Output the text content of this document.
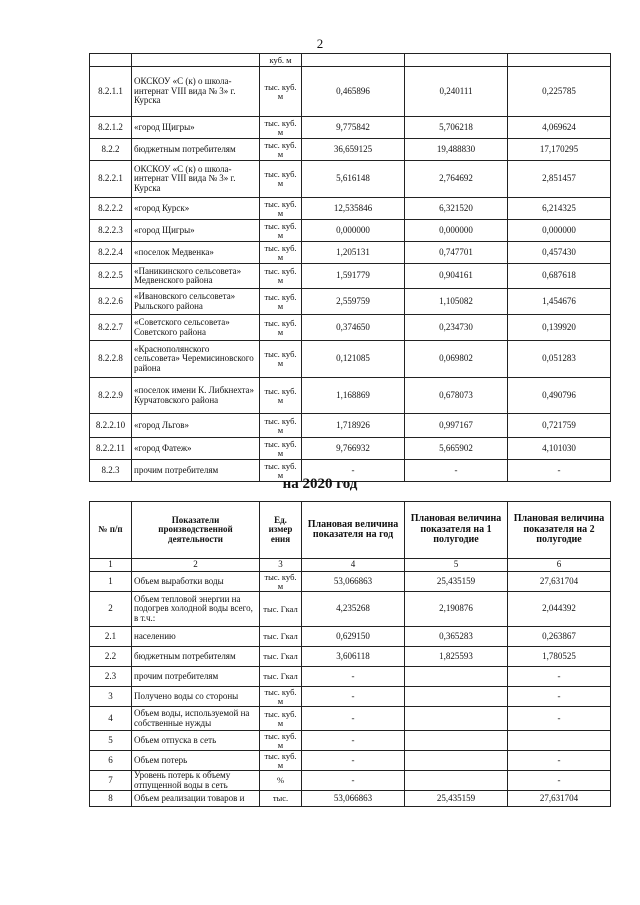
2
		куб. м			
8.2.1.1	ОКСКОУ «С (к) о школа-интернат VIII вида № 3» г. Курска	тыс. куб. м	0,465896	0,240111	0,225785
8.2.1.2	«город Щигры»	тыс. куб. м	9,775842	5,706218	4,069624
8.2.2	бюджетным потребителям	тыс. куб. м	36,659125	19,488830	17,170295
8.2.2.1	ОКСКОУ «С (к) о школа-интернат VIII вида № 3» г. Курска	тыс. куб. м	5,616148	2,764692	2,851457
8.2.2.2	«город Курск»	тыс. куб. м	12,535846	6,321520	6,214325
8.2.2.3	«город Щигры»	тыс. куб. м	0,000000	0,000000	0,000000
8.2.2.4	«поселок Медвенка»	тыс. куб. м	1,205131	0,747701	0,457430
8.2.2.5	«Паникинского сельсовета» Медвенского района	тыс. куб. м	1,591779	0,904161	0,687618
8.2.2.6	«Ивановского сельсовета» Рыльского района	тыс. куб. м	2,559759	1,105082	1,454676
8.2.2.7	«Советского сельсовета» Советского района	тыс. куб. м	0,374650	0,234730	0,139920
8.2.2.8	«Краснополянского сельсовета» Черемисиновского района	тыс. куб. м	0,121085	0,069802	0,051283
8.2.2.9	«поселок имени К. Либкнехта» Курчатовского района	тыс. куб. м	1,168869	0,678073	0,490796
8.2.2.10	«город Льгов»	тыс. куб. м	1,718926	0,997167	0,721759
8.2.2.11	«город Фатеж»	тыс. куб. м	9,766932	5,665902	4,101030
8.2.3	прочим потребителям	тыс. куб. м	-	-	-
на 2020 год
№ п/п	Показатели производственной деятельности	Ед. измер ения	Плановая величина показателя на год	Плановая величина показателя на 1 полугодие	Плановая величина показателя на 2 полугодие
1	2	3	4	5	6
1	Объем выработки воды	тыс. куб. м	53,066863	25,435159	27,631704
2	Объем тепловой энергии на подогрев холодной воды всего, в т.ч.:	тыс. Гкал	4,235268	2,190876	2,044392
2.1	населению	тыс. Гкал	0,629150	0,365283	0,263867
2.2	бюджетным потребителям	тыс. Гкал	3,606118	1,825593	1,780525
2.3	прочим потребителям	тыс. Гкал	-		-
3	Получено воды со стороны	тыс. куб. м	-		-
4	Объем воды, используемой на собственные нужды	тыс. куб. м	-		-
5	Объем отпуска в сеть	тыс. куб. м	-		
6	Объем потерь	тыс. куб. м	-		-
7	Уровень потерь к объему отпущенной воды в сеть	%	-		-
8	Объем реализации товаров и	тыс.	53,066863	25,435159	27,631704
